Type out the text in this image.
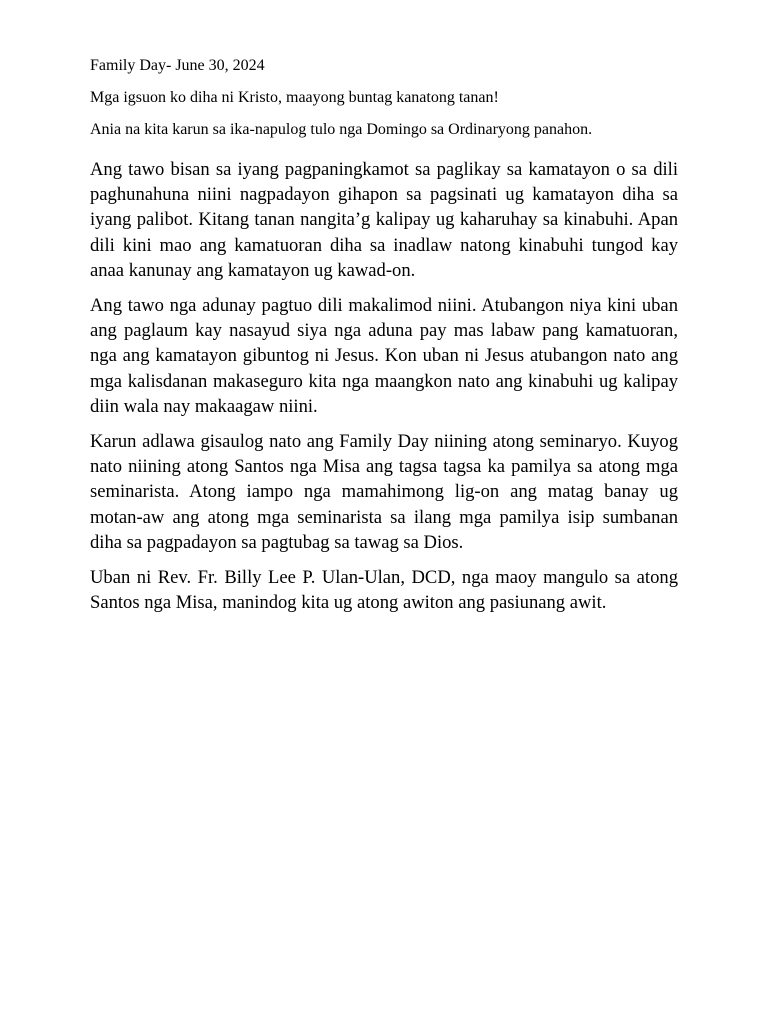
Family Day- June 30, 2024

Mga igsuon ko diha ni Kristo, maayong buntag kanatong tanan!

Ania na kita karun sa ika-napulog tulo nga Domingo sa Ordinaryong panahon.

Ang tawo bisan sa iyang pagpaningkamot sa paglikay sa kamatayon o sa dili paghunahuna niini nagpadayon gihapon sa pagsinati ug kamatayon diha sa iyang palibot. Kitang tanan nangita’g kalipay ug kaharuhay sa kinabuhi. Apan dili kini mao ang kamatuoran diha sa inadlaw natong kinabuhi tungod kay anaa kanunay ang kamatayon ug kawad-on.

Ang tawo nga adunay pagtuo dili makalimod niini. Atubangon niya kini uban ang paglaum kay nasayud siya nga aduna pay mas labaw pang kamatuoran, nga ang kamatayon gibuntog ni Jesus. Kon uban ni Jesus atubangon nato ang mga kalisdanan makaseguro kita nga maangkon nato ang kinabuhi ug kalipay diin wala nay makaagaw niini.

Karun adlawa gisaulog nato ang Family Day niining atong seminaryo. Kuyog nato niining atong Santos nga Misa ang tagsa tagsa ka pamilya sa atong mga seminarista. Atong iampo nga mamahimong lig-on ang matag banay ug motan-aw ang atong mga seminarista sa ilang mga pamilya isip sumbanan diha sa pagpadayon sa pagtubag sa tawag sa Dios.

Uban ni Rev. Fr. Billy Lee P. Ulan-Ulan, DCD, nga maoy mangulo sa atong Santos nga Misa, manindog kita ug atong awiton ang pasiunang awit.
